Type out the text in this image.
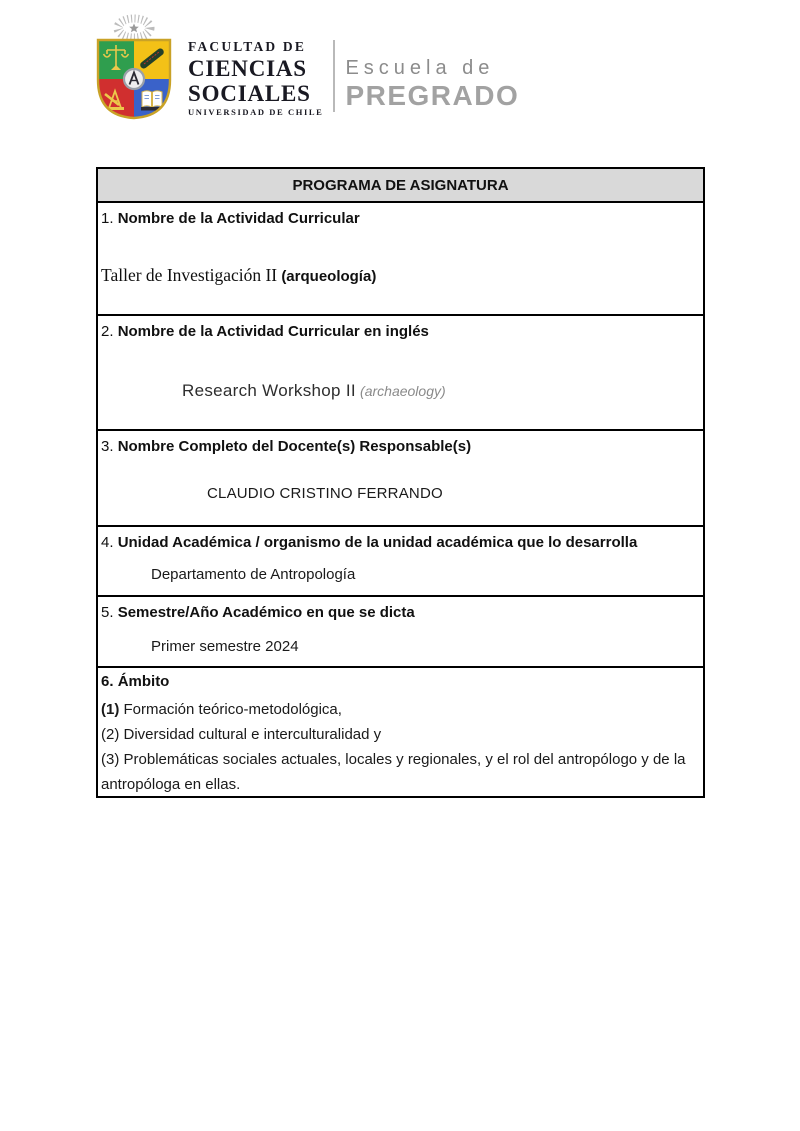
FACULTAD DE
CIENCIAS
SOCIALES
UNIVERSIDAD DE CHILE
Escuela de
PREGRADO
PROGRAMA DE ASIGNATURA
1. Nombre de la Actividad Curricular
Taller de Investigación II (arqueología)
2. Nombre de la Actividad Curricular en inglés
Research Workshop II (archaeology)
3. Nombre Completo del Docente(s) Responsable(s)
CLAUDIO CRISTINO FERRANDO
4. Unidad Académica / organismo de la unidad académica que lo desarrolla
Departamento de Antropología
5. Semestre/Año Académico en que se dicta
Primer semestre 2024
6. Ámbito
(1) Formación teórico-metodológica,
(2) Diversidad cultural e interculturalidad y
(3) Problemáticas sociales actuales, locales y regionales, y el rol del antropólogo y de la antropóloga en ellas.
